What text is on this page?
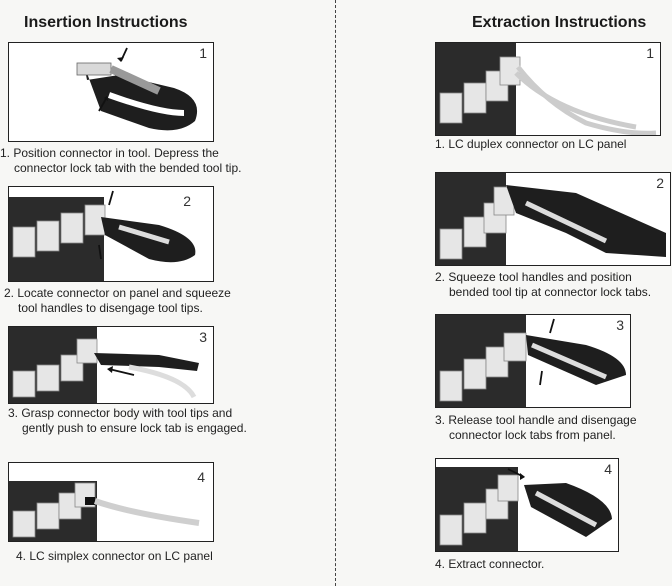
Insertion Instructions	Extraction Instructions
1
1. Position connector in tool. Depress the
connector lock tab with the bended tool tip.
2
2. Locate connector on panel and squeeze
tool handles to disengage tool tips.
3
3. Grasp connector body with tool tips and
gently push to ensure lock tab is engaged.
4
4. LC simplex connector on LC panel
1
1. LC duplex connector on LC panel
2
2. Squeeze tool handles and position
bended tool tip at connector lock tabs.
3
3. Release tool handle and disengage
connector lock tabs from panel.
4
4. Extract connector.
